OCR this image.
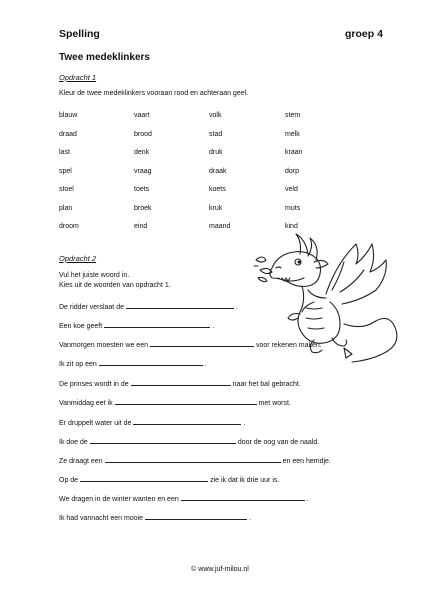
Spelling	groep 4
Twee medeklinkers
Opdracht 1
Kleur de twee medeklinkers vooraan rood en achteraan geel.
blauw	vaart	volk	stem
draad	brood	stad	melk
last	denk	druk	kraan
spel	vraag	draak	dorp
stoel	toets	koets	veld
plan	broek	kruk	muts
droom	eind	maand	kind
Opdracht 2
Vul het juiste woord in.
Kies uit de woorden van opdracht 1.
De ridder verslaat de	.
Een koe geeft	.
Vanmorgen moesten we een	voor rekenen maken.
Ik zit op een	.
De prinses wordt in de	naar het bal gebracht.
Vanmiddag eet ik	met worst.
Er druppelt water uit de	.
Ik doe de	door de oog van de naald.
Ze draagt een	en een hemdje.
Op de	zie ik dat ik drie uur is.
We dragen in de winter wanten en een	.
Ik had vannacht een mooie	.
© www.juf-milou.nl
